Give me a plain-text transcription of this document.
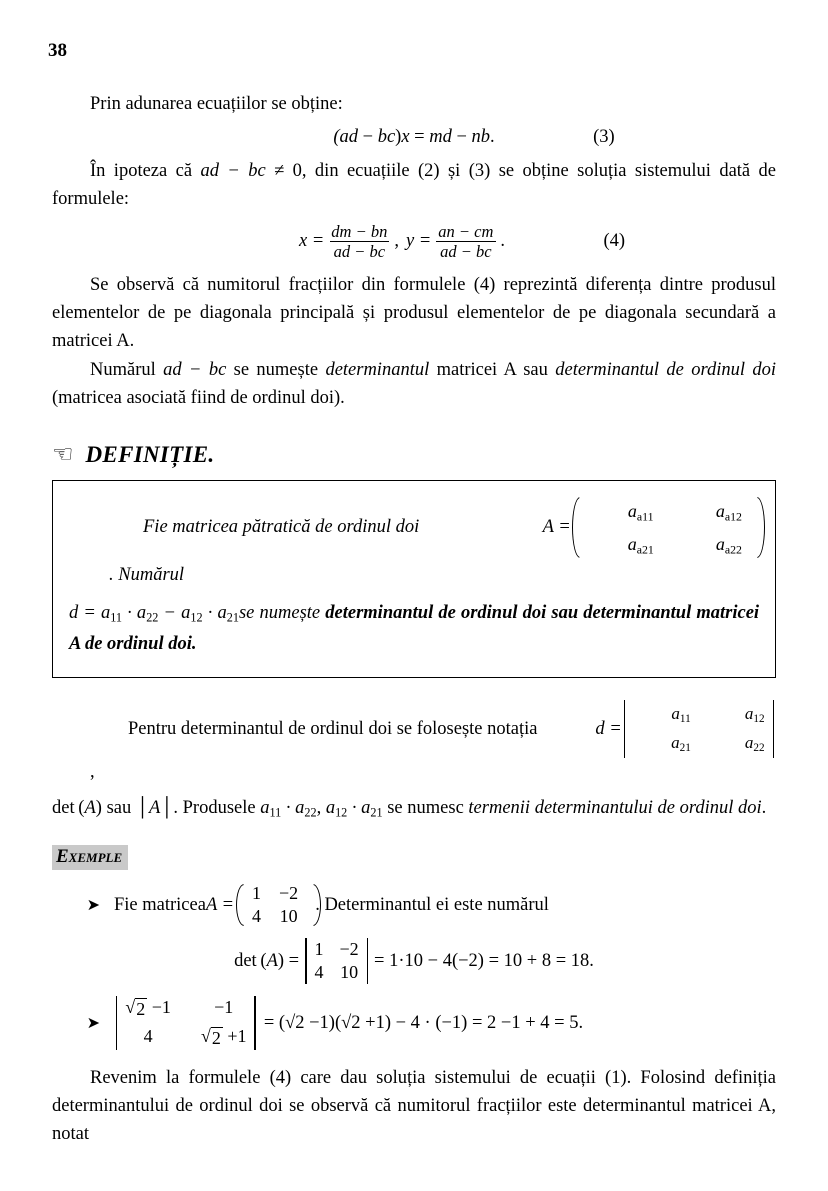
38

Prin adunarea ecuațiilor se obține:

(ad − bc)x = md − nb.	(3)

În ipoteza că ad − bc ≠ 0, din ecuațiile (2) și (3) se obține soluția sistemului dată de formulele:

$x = \frac{dm - bn}{ad - bc}$ , $y = \frac{an - cm}{ad - bc}$ .	(4)

Se observă că numitorul fracțiilor din formulele (4) reprezintă diferența dintre produsul elementelor de pe diagonala principală și produsul elementelor de pe diagonala secundară a matricei A.

Numărul ad − bc se numește determinantul matricei A sau determinantul de ordinul doi (matricea asociată fiind de ordinul doi).

☞ DEFINIȚIE.

Fie matricea pătratică de ordinul doi	A =
$a_{a11}$	$a_{a12}$
$a_{a21}$	$a_{a22}$
. Numărul

$d = a_{11} \cdot a_{22} - a_{12} \cdot a_{21}se$ numește determinantul de ordinul doi sau determinantul matricei A de ordinul doi.

Pentru determinantul de ordinul doi se folosește notația	d =
$a_{11}$	$a_{12}$
$a_{21}$	$a_{22}$
,

det (A) sau │A│. Produsele $a_{11} \cdot a_{22}$, $a_{12} \cdot a_{21}$ se numesc termenii determinantului de ordinul doi.

Exemple
➤ Fie matricea A =
1 −2
4 10
. Determinantul ei este numărul
det (A) =
1 −2
4 10
= 1·10 − 4(−2) = 10 + 8 = 18.
➤
√ 2 −1	−1
4	√ 2 +1
= (√2 −1)(√2 +1) − 4 · (−1) = 2 −1 + 4 = 5.

Revenim la formulele (4) care dau soluția sistemului de ecuații (1). Folosind definiția determinantului de ordinul doi se observă că numitorul fracțiilor este determinantul matricei A, notat
